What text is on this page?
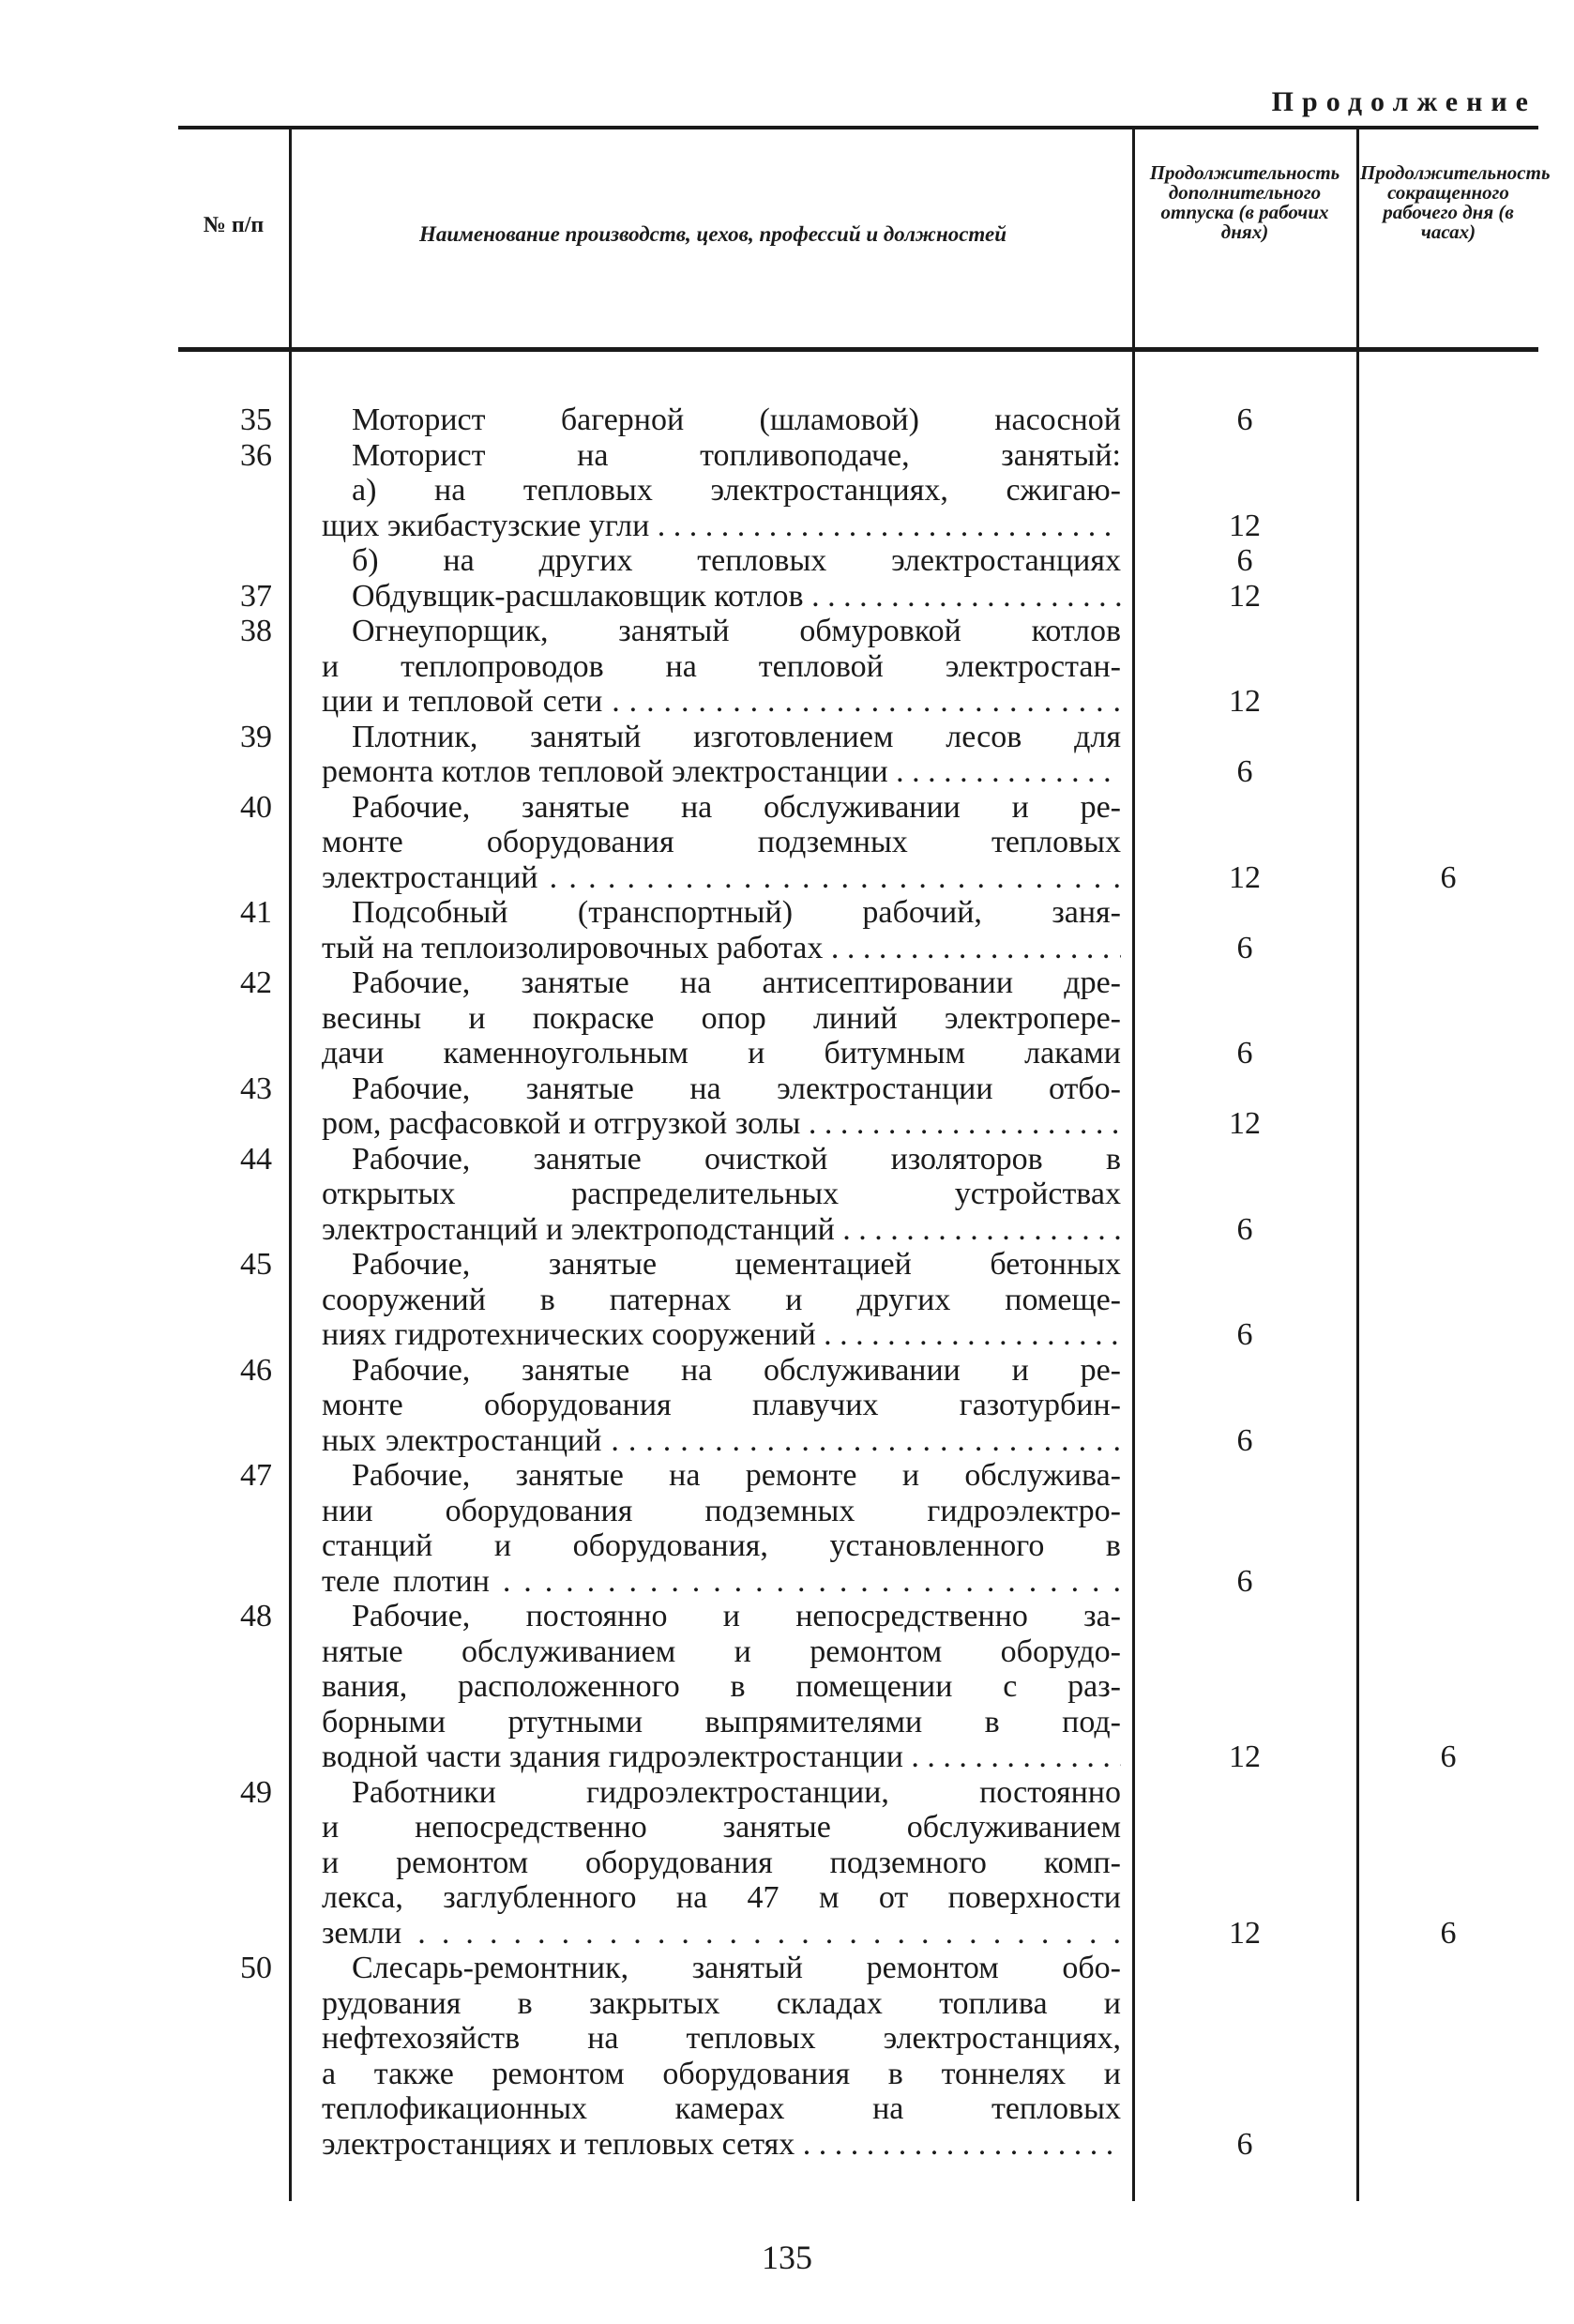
Продолжение
№ п/п	Наименование производств, цехов, профессий и должностей
Продолжительность дополнительного отпуска (в рабочих днях)
Продолжительность сокращенного рабочего дня (в часах)
35	Моторист багерной (шламовой) насосной	6
36	Моторист на топливоподаче, занятый:
а) на тепловых электростанциях, сжигаю-
щих экибастузские угли . . .	12
б) на других тепловых электростанциях	6
37	Обдувщик-расшлаковщик котлов . . .	12
38	Огнеупорщик, занятый обмуровкой котлов
и теплопроводов на тепловой электростан-
ции и тепловой сети . . .	12
39	Плотник, занятый изготовлением лесов для
ремонта котлов тепловой электростанции . . .	6
40	Рабочие, занятые на обслуживании и ре-
монте оборудования подземных тепловых
электростанций . . .	12	6
41	Подсобный (транспортный) рабочий, заня-
тый на теплоизолировочных работах . . .	6
42	Рабочие, занятые на антисептировании дре-
весины и покраске опор линий электропере-
дачи каменноугольным и битумным лаками	6
43	Рабочие, занятые на электростанции отбо-
ром, расфасовкой и отгрузкой золы . . .	12
44	Рабочие, занятые очисткой изоляторов в
открытых распределительных устройствах
электростанций и электроподстанций . . .	6
45	Рабочие, занятые цементацией бетонных
сооружений в патернах и других помеще-
ниях гидротехнических сооружений . . .	6
46	Рабочие, занятые на обслуживании и ре-
монте оборудования плавучих газотурбин-
ных электростанций . . .	6
47	Рабочие, занятые на ремонте и обслужива-
нии оборудования подземных гидроэлектро-
станций и оборудования, установленного в
теле плотин . . .	6
48	Рабочие, постоянно и непосредственно за-
нятые обслуживанием и ремонтом оборудо-
вания, расположенного в помещении с раз-
борными ртутными выпрямителями в под-
водной части здания гидроэлектростанции . . .	12	6
49	Работники гидроэлектростанции, постоянно
и непосредственно занятые обслуживанием
и ремонтом оборудования подземного комп-
лекса, заглубленного на 47 м от поверхности
земли . . .	12	6
50	Слесарь-ремонтник, занятый ремонтом обо-
рудования в закрытых складах топлива и
нефтехозяйств на тепловых электростанциях,
а также ремонтом оборудования в тоннелях и
теплофикационных камерах на тепловых
электростанциях и тепловых сетях . . .	6
135
